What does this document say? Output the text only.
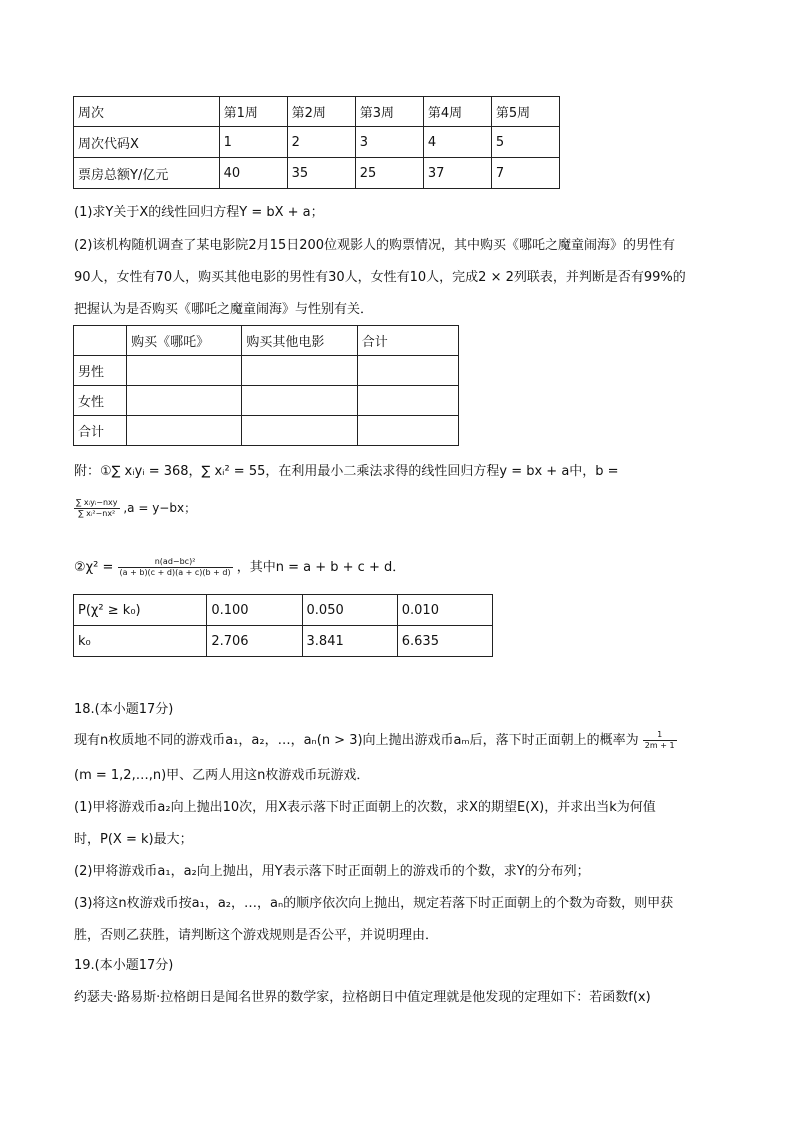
周次	第1周	第2周	第3周	第4周	第5周
周次代码X	1	2	3	4	5
票房总额Y/亿元	40	35	25	37	7
(1)求Y关于X的线性回归方程Y = bX + a；
(2)该机构随机调查了某电影院2月15日200位观影人的购票情况，其中购买《哪吒之魔童闹海》的男性有
90人，女性有70人，购买其他电影的男性有30人，女性有10人，完成2 × 2列联表，并判断是否有99%的
把握认为是否购买《哪吒之魔童闹海》与性别有关．
	购买《哪吒》	购买其他电影	合计
男性			
女性			
合计			
附：①∑ xᵢyᵢ = 368，∑ xᵢ² = 55，在利用最小二乘法求得的线性回归方程y = bx + a中，b =
$\frac{\text{∑ xᵢyᵢ−nxy}}{\text{∑ xᵢ²−nx²}} ,a = y-bx$；
②χ² = $\frac{\text{n(ad−bc)²}}{(a + b)(c + d)(a + c)(b + d)}$ ，其中n = a + b + c + d．
P(χ² ≥ k₀)	0.100	0.050	0.010
k₀	2.706	3.841	6.635
18.(本小题17分)
现有n枚质地不同的游戏币a₁，a₂，…，aₙ(n > 3)向上抛出游戏币aₘ后，落下时正面朝上的概率为 $\frac{1}{2m + 1}$
(m = 1,2,…,n)甲、乙两人用这n枚游戏币玩游戏．
(1)甲将游戏币a₂向上抛出10次，用X表示落下时正面朝上的次数，求X的期望E(X)，并求出当k为何值
时，P(X = k)最大；
(2)甲将游戏币a₁，a₂向上抛出，用Y表示落下时正面朝上的游戏币的个数，求Y的分布列；
(3)将这n枚游戏币按a₁，a₂，…，aₙ的顺序依次向上抛出，规定若落下时正面朝上的个数为奇数，则甲获
胜，否则乙获胜，请判断这个游戏规则是否公平，并说明理由．
19.(本小题17分)
约瑟夫·路易斯·拉格朗日是闻名世界的数学家，拉格朗日中值定理就是他发现的定理如下：若函数f(x)
